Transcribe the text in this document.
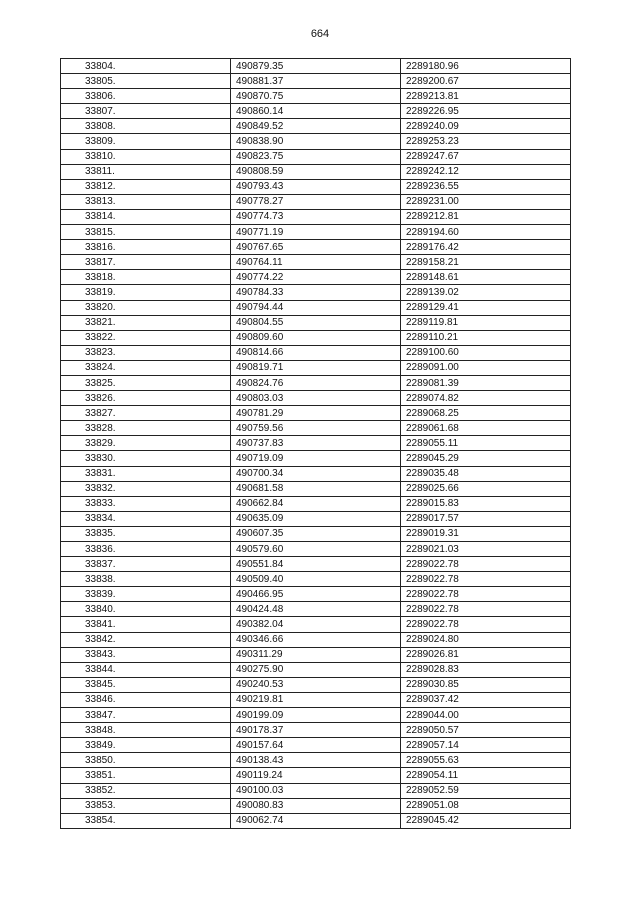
664
33804.	490879.35	2289180.96
33805.	490881.37	2289200.67
33806.	490870.75	2289213.81
33807.	490860.14	2289226.95
33808.	490849.52	2289240.09
33809.	490838.90	2289253.23
33810.	490823.75	2289247.67
33811.	490808.59	2289242.12
33812.	490793.43	2289236.55
33813.	490778.27	2289231.00
33814.	490774.73	2289212.81
33815.	490771.19	2289194.60
33816.	490767.65	2289176.42
33817.	490764.11	2289158.21
33818.	490774.22	2289148.61
33819.	490784.33	2289139.02
33820.	490794.44	2289129.41
33821.	490804.55	2289119.81
33822.	490809.60	2289110.21
33823.	490814.66	2289100.60
33824.	490819.71	2289091.00
33825.	490824.76	2289081.39
33826.	490803.03	2289074.82
33827.	490781.29	2289068.25
33828.	490759.56	2289061.68
33829.	490737.83	2289055.11
33830.	490719.09	2289045.29
33831.	490700.34	2289035.48
33832.	490681.58	2289025.66
33833.	490662.84	2289015.83
33834.	490635.09	2289017.57
33835.	490607.35	2289019.31
33836.	490579.60	2289021.03
33837.	490551.84	2289022.78
33838.	490509.40	2289022.78
33839.	490466.95	2289022.78
33840.	490424.48	2289022.78
33841.	490382.04	2289022.78
33842.	490346.66	2289024.80
33843.	490311.29	2289026.81
33844.	490275.90	2289028.83
33845.	490240.53	2289030.85
33846.	490219.81	2289037.42
33847.	490199.09	2289044.00
33848.	490178.37	2289050.57
33849.	490157.64	2289057.14
33850.	490138.43	2289055.63
33851.	490119.24	2289054.11
33852.	490100.03	2289052.59
33853.	490080.83	2289051.08
33854.	490062.74	2289045.42
